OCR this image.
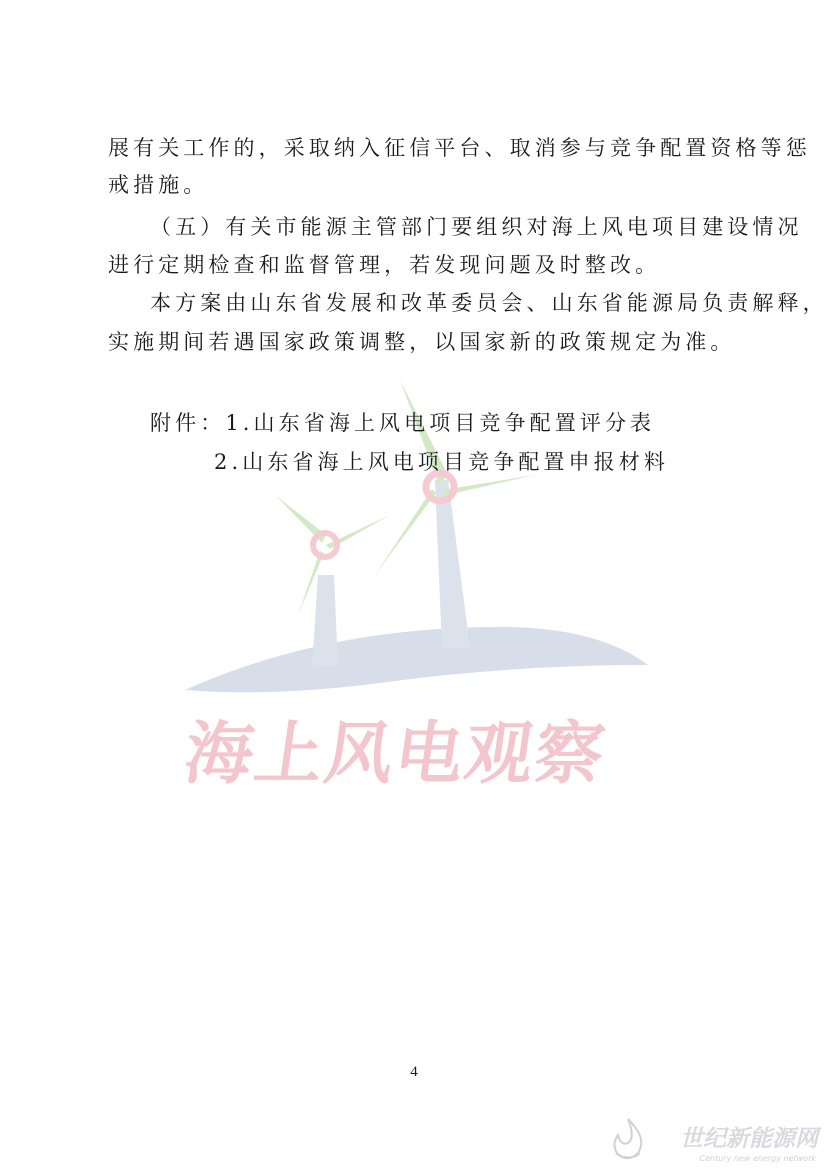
海上风电观察
展有关工作的，采取纳入征信平台、取消参与竞争配置资格等惩
戒措施。
（五）有关市能源主管部门要组织对海上风电项目建设情况
进行定期检查和监督管理，若发现问题及时整改。
本方案由山东省发展和改革委员会、山东省能源局负责解释，
实施期间若遇国家政策调整，以国家新的政策规定为准。
附件：1.山东省海上风电项目竞争配置评分表
2.山东省海上风电项目竞争配置申报材料
4
世纪新能源网
Century new energy network
